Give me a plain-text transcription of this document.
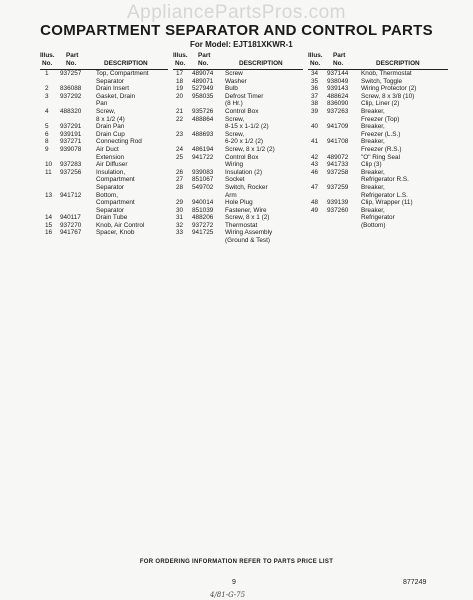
AppliancePartsPros.com
COMPARTMENT SEPARATOR AND CONTROL PARTS
For Model: EJT181XKWR-1
Illus.
No.
Part
No.	DESCRIPTION
1 937257 Top, Compartment
Separator
2 836088 Drain Insert
3 937292 Gasket, Drain
Pan
4 488320 Screw,
8 x 1/2 (4)
5 937291 Drain Pan
6 939191 Drain Cup
8 937271 Connecting Rod
9 939078 Air Duct
Extension
10 937283 Air Diffuser
11 937256 Insulation,
Compartment
Separator
13 941712 Bottom,
Compartment
Separator
14 940117 Drain Tube
15 937270 Knob, Air Control
16 941767 Spacer, Knob
Illus.
No.
Part
No.	DESCRIPTION
17 489074 Screw
18 489071 Washer
19 527949 Bulb
20 958035 Defrost Timer
(8 Hr.)
21 935726 Control Box
22 488864 Screw,
8-15 x 1-1/2 (2)
23 488693 Screw,
6-20 x 1/2 (2)
24 486194 Screw, 8 x 1/2 (2)
25 941722 Control Box
Wiring
26 939083 Insulation (2)
27 851067 Socket
28 549702 Switch, Rocker
Arm
29 940014 Hole Plug
30 851039 Fastener, Wire
31 488206 Screw, 8 x 1 (2)
32 937272 Thermostat
33 941725 Wiring Assembly
(Ground & Test)
Illus.
No.
Part
No.	DESCRIPTION
34 937144 Knob, Thermostat
35 938049 Switch, Toggle
36 939143 Wiring Protector (2)
37 488624 Screw, 8 x 3/8 (10)
38 836090 Clip, Liner (2)
39 937263 Breaker,
Freezer (Top)
40 941709 Breaker,
Freezer (L.S.)
41 941708 Breaker,
Freezer (R.S.)
42 489072 "O" Ring Seal
43 941733 Clip (3)
46 937258 Breaker,
Refrigerator R.S.
47 937259 Breaker,
Refrigerator L.S.
48 939139 Clip, Wrapper (11)
49 937260 Breaker,
Refrigerator
(Bottom)
FOR ORDERING INFORMATION REFER TO PARTS PRICE LIST
9	877249
4/81-G-75
